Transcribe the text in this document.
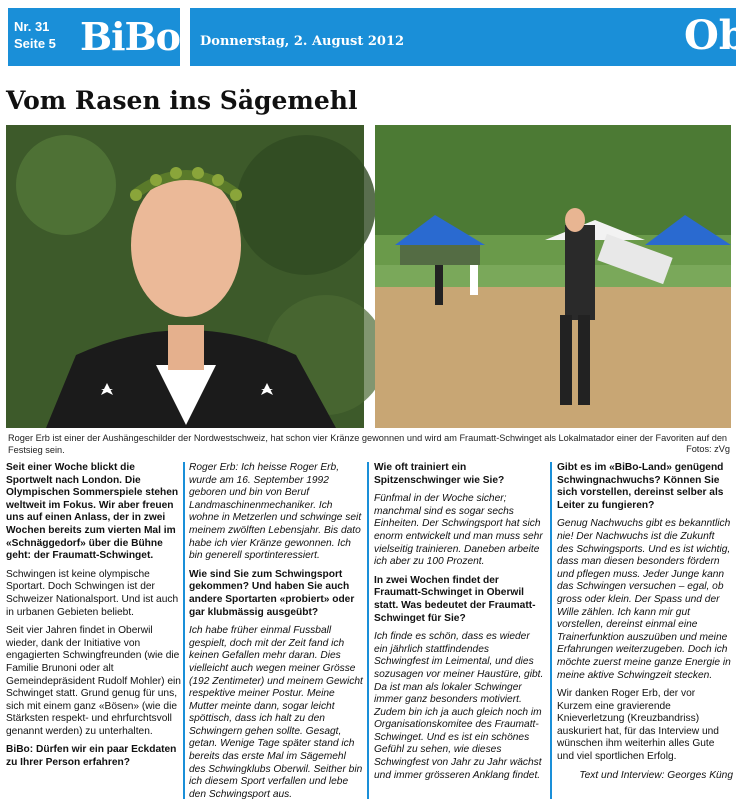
Nr. 31
Seite 5 BiBo Donnerstag, 2. August 2012	Ob
Vom Rasen ins Sägemehl
Roger Erb ist einer der Aushängeschilder der Nordwestschweiz, hat schon vier Kränze gewonnen und wird am Fraumatt-Schwinget als Lokalmatador einer der Favoriten auf den Festsieg sein.	Fotos: zVg

Seit einer Woche blickt die Sportwelt nach London. Die Olympischen Sommerspiele stehen weltweit im Fokus. Wir aber freuen uns auf einen Anlass, der in zwei Wochen bereits zum vierten Mal im «Schnäggedorf» über die Bühne geht: der Fraumatt-Schwinget.

Schwingen ist keine olympische Sportart. Doch Schwingen ist der Schweizer Nationalsport. Und ist auch in urbanen Gebieten beliebt.

Seit vier Jahren findet in Oberwil wieder, dank der Initiative von engagierten Schwingfreunden (wie die Familie Brunoni oder alt Gemeindepräsident Rudolf Mohler) ein Schwinget statt. Grund genug für uns, sich mit einem ganz «Bösen» (wie die Stärksten respekt- und ehrfurchtsvoll genannt werden) zu unterhalten.

BiBo: Dürfen wir ein paar Eckdaten zu Ihrer Person erfahren?

Roger Erb: Ich heisse Roger Erb, wurde am 16. September 1992 geboren und bin von Beruf Landmaschinenmechaniker. Ich wohne in Metzerlen und schwinge seit meinem zwölften Lebensjahr. Bis dato habe ich vier Kränze gewonnen. Ich bin generell sportinteressiert.

Wie sind Sie zum Schwingsport gekommen? Und haben Sie auch andere Sportarten «probiert» oder gar klubmässig ausgeübt?

Ich habe früher einmal Fussball gespielt, doch mit der Zeit fand ich keinen Gefallen mehr daran. Dies vielleicht auch wegen meiner Grösse (192 Zentimeter) und meinem Gewicht respektive meiner Postur. Meine Mutter meinte dann, sogar leicht spöttisch, dass ich halt zu den Schwingern gehen sollte. Gesagt, getan. Wenige Tage später stand ich bereits das erste Mal im Sägemehl des Schwingklubs Oberwil. Seither bin ich diesem Sport verfallen und lebe den Schwingsport aus.

Wie oft trainiert ein Spitzenschwinger wie Sie?

Fünfmal in der Woche sicher; manchmal sind es sogar sechs Einheiten. Der Schwingsport hat sich enorm entwickelt und man muss sehr vielseitig trainieren. Daneben arbeite ich aber zu 100 Prozent.

In zwei Wochen findet der Fraumatt-Schwinget in Oberwil statt. Was bedeutet der Fraumatt-Schwinget für Sie?

Ich finde es schön, dass es wieder ein jährlich stattfindendes Schwingfest im Leimental, und dies sozusagen vor meiner Haustüre, gibt. Da ist man als lokaler Schwinger immer ganz besonders motiviert. Zudem bin ich ja auch gleich noch im Organisationskomitee des Fraumatt-Schwinget. Und es ist ein schönes Gefühl zu sehen, wie dieses Schwingfest von Jahr zu Jahr wächst und immer grösseren Anklang findet.

Gibt es im «BiBo-Land» genügend Schwingnachwuchs? Können Sie sich vorstellen, dereinst selber als Leiter zu fungieren?

Genug Nachwuchs gibt es bekanntlich nie! Der Nachwuchs ist die Zukunft des Schwingsports. Und es ist wichtig, dass man diesen besonders fördern und pflegen muss. Jeder Junge kann das Schwingen versuchen – egal, ob gross oder klein. Der Spass und der Wille zählen. Ich kann mir gut vorstellen, dereinst einmal eine Trainerfunktion auszuüben und meine Erfahrungen weiterzugeben. Doch ich möchte zuerst meine ganze Energie in meine aktive Schwingzeit stecken.

Wir danken Roger Erb, der vor Kurzem eine gravierende Knieverletzung (Kreuzbandriss) auskuriert hat, für das Interview und wünschen ihm weiterhin alles Gute und viel sportlichen Erfolg.

Text und Interview: Georges Küng
